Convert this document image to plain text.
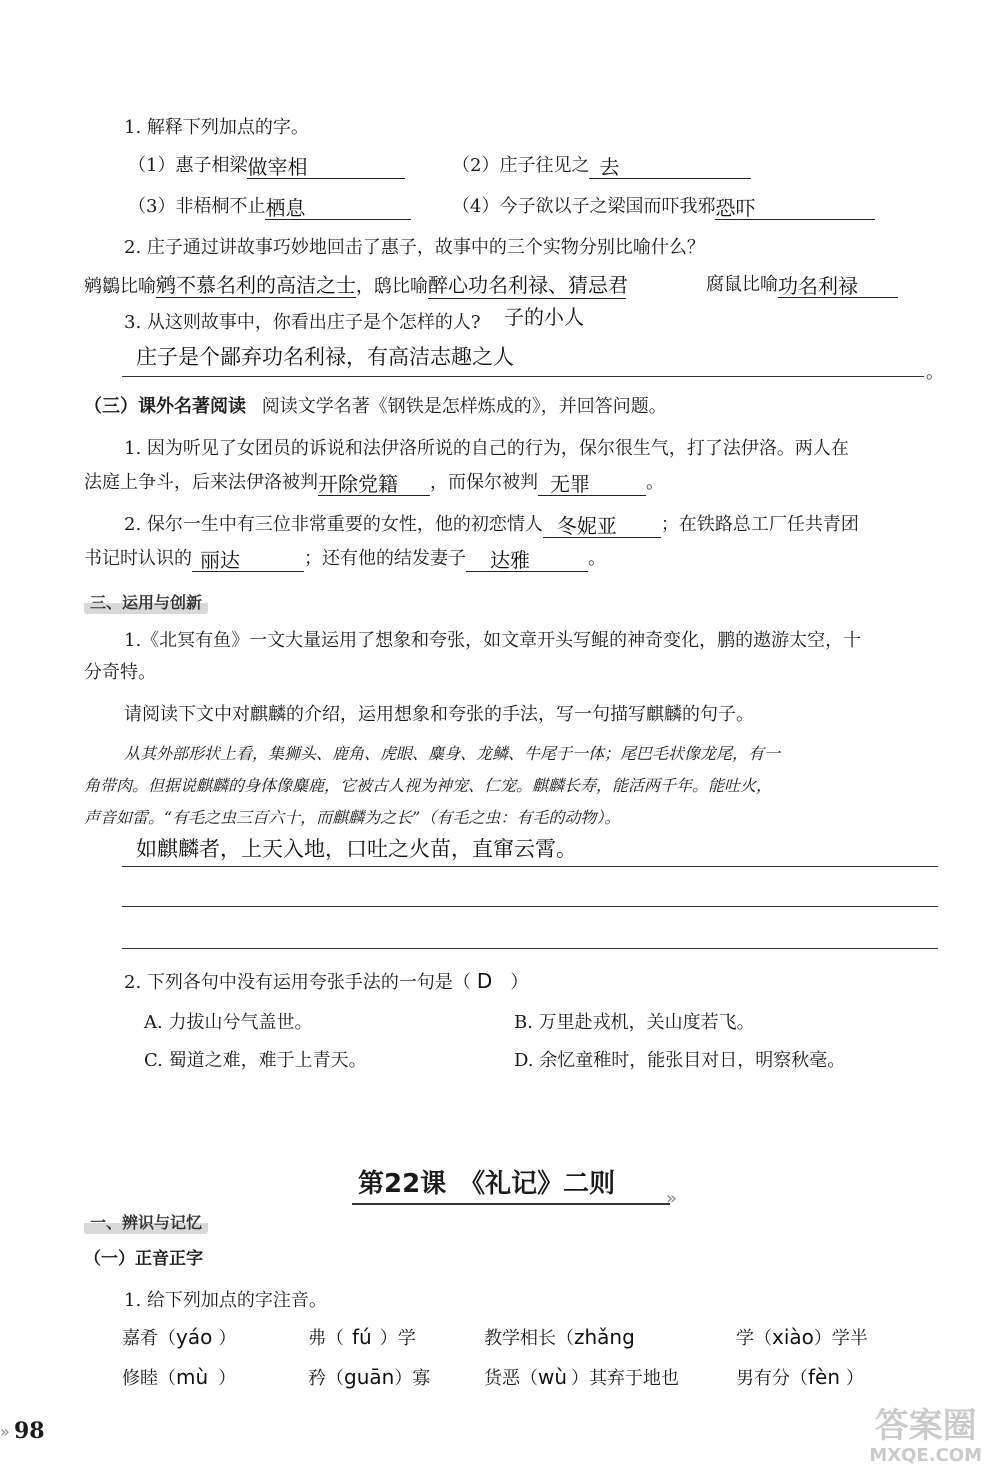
1. 解释下列加点的字。
（1）惠子相梁做宰相	（2）庄子往见之 去
（3）非梧桐不止栖息	（4）今子欲以子之梁国而吓我邪恐吓
2. 庄子通过讲故事巧妙地回击了惠子，故事中的三个实物分别比喻什么？
鹓鶵比喻鹓不慕名利的高洁之士，鸱比喻醉心功名利禄、猜忌君	腐鼠比喻功名利禄
子的小人
3. 从这则故事中，你看出庄子是个怎样的人?
庄子是个鄙弃功名利禄，有高洁志趣之人
。
（三）课外名著阅读 阅读文学名著《钢铁是怎样炼成的》，并回答问题。
1. 因为听见了女团员的诉说和法伊洛所说的自己的行为，保尔很生气，打了法伊洛。两人在
法庭上争斗，后来法伊洛被判开除党籍 ，而保尔被判 无罪	。
2. 保尔一生中有三位非常重要的女性，他的初恋情人 冬妮亚 ；在铁路总工厂任共青团
书记时认识的 丽达	；还有他的结发妻子 达雅	。
三、运用与创新
1.《北冥有鱼》一文大量运用了想象和夸张，如文章开头写鲲的神奇变化，鹏的遨游太空，十
分奇特。
请阅读下文中对麒麟的介绍，运用想象和夸张的手法，写一句描写麒麟的句子。
从其外部形状上看，集狮头、鹿角、虎眼、麋身、龙鳞、牛尾于一体；尾巴毛状像龙尾，有一
角带肉。但据说麒麟的身体像麋鹿，它被古人视为神宠、仁宠。麒麟长寿，能活两千年。能吐火，
声音如雷。“有毛之虫三百六十，而麒麟为之长”（有毛之虫：有毛的动物）。
如麒麟者，上天入地，口吐之火苗，直窜云霄。
2. 下列各句中没有运用夸张手法的一句是（ D ）
A. 力拔山兮气盖世。	B. 万里赴戎机，关山度若飞。
C. 蜀道之难，难于上青天。	D. 余忆童稚时，能张目对日，明察秋毫。
第22课　《礼记》二则	»
一、辨识与记忆
（一）正音正字
1. 给下列加点的字注音。
嘉肴（yáo ）	弗（ fú ）学	教学相长（zhǎng	学（xiào）学半
修睦（mù ）	矜（guān）寡	货恶（wù ）其弃于地也	男有分（fèn ）
» 98	答案圈
MXQE.COM
